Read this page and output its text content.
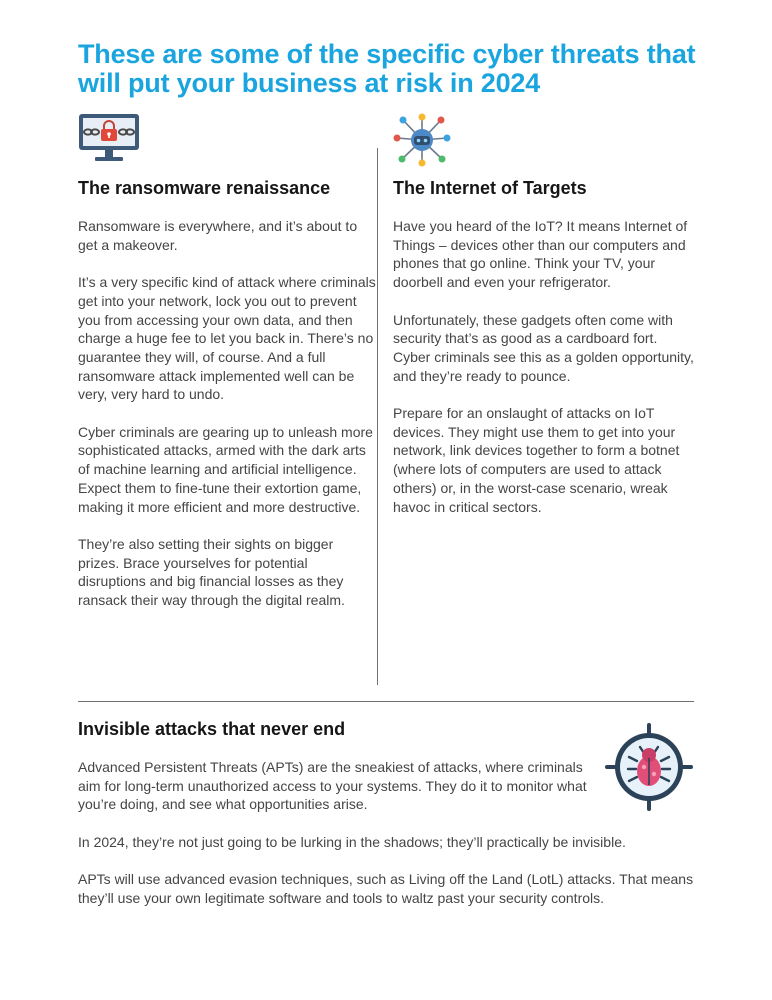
These are some of the specific cyber threats that will put your business at risk in 2024
The ransomware renaissance

Ransomware is everywhere, and it’s about to get a makeover.

It’s a very specific kind of attack where criminals get into your network, lock you out to prevent you from accessing your own data, and then charge a huge fee to let you back in. There’s no guarantee they will, of course. And a full ransomware attack implemented well can be very, very hard to undo.

Cyber criminals are gearing up to unleash more sophisticated attacks, armed with the dark arts of machine learning and artificial intelligence. Expect them to fine-tune their extortion game, making it more efficient and more destructive.

They’re also setting their sights on bigger prizes. Brace yourselves for potential disruptions and big financial losses as they ransack their way through the digital realm.

The Internet of Targets

Have you heard of the IoT? It means Internet of Things – devices other than our computers and phones that go online. Think your TV, your doorbell and even your refrigerator.

Unfortunately, these gadgets often come with security that’s as good as a cardboard fort. Cyber criminals see this as a golden opportunity, and they’re ready to pounce.

Prepare for an onslaught of attacks on IoT devices. They might use them to get into your network, link devices together to form a botnet (where lots of computers are used to attack others) or, in the worst-case scenario, wreak havoc in critical sectors.

Invisible attacks that never end

Advanced Persistent Threats (APTs) are the sneakiest of attacks, where criminals aim for long-term unauthorized access to your systems. They do it to monitor what you’re doing, and see what opportunities arise.

In 2024, they’re not just going to be lurking in the shadows; they’ll practically be invisible.

APTs will use advanced evasion techniques, such as Living off the Land (LotL) attacks. That means they’ll use your own legitimate software and tools to waltz past your security controls.
